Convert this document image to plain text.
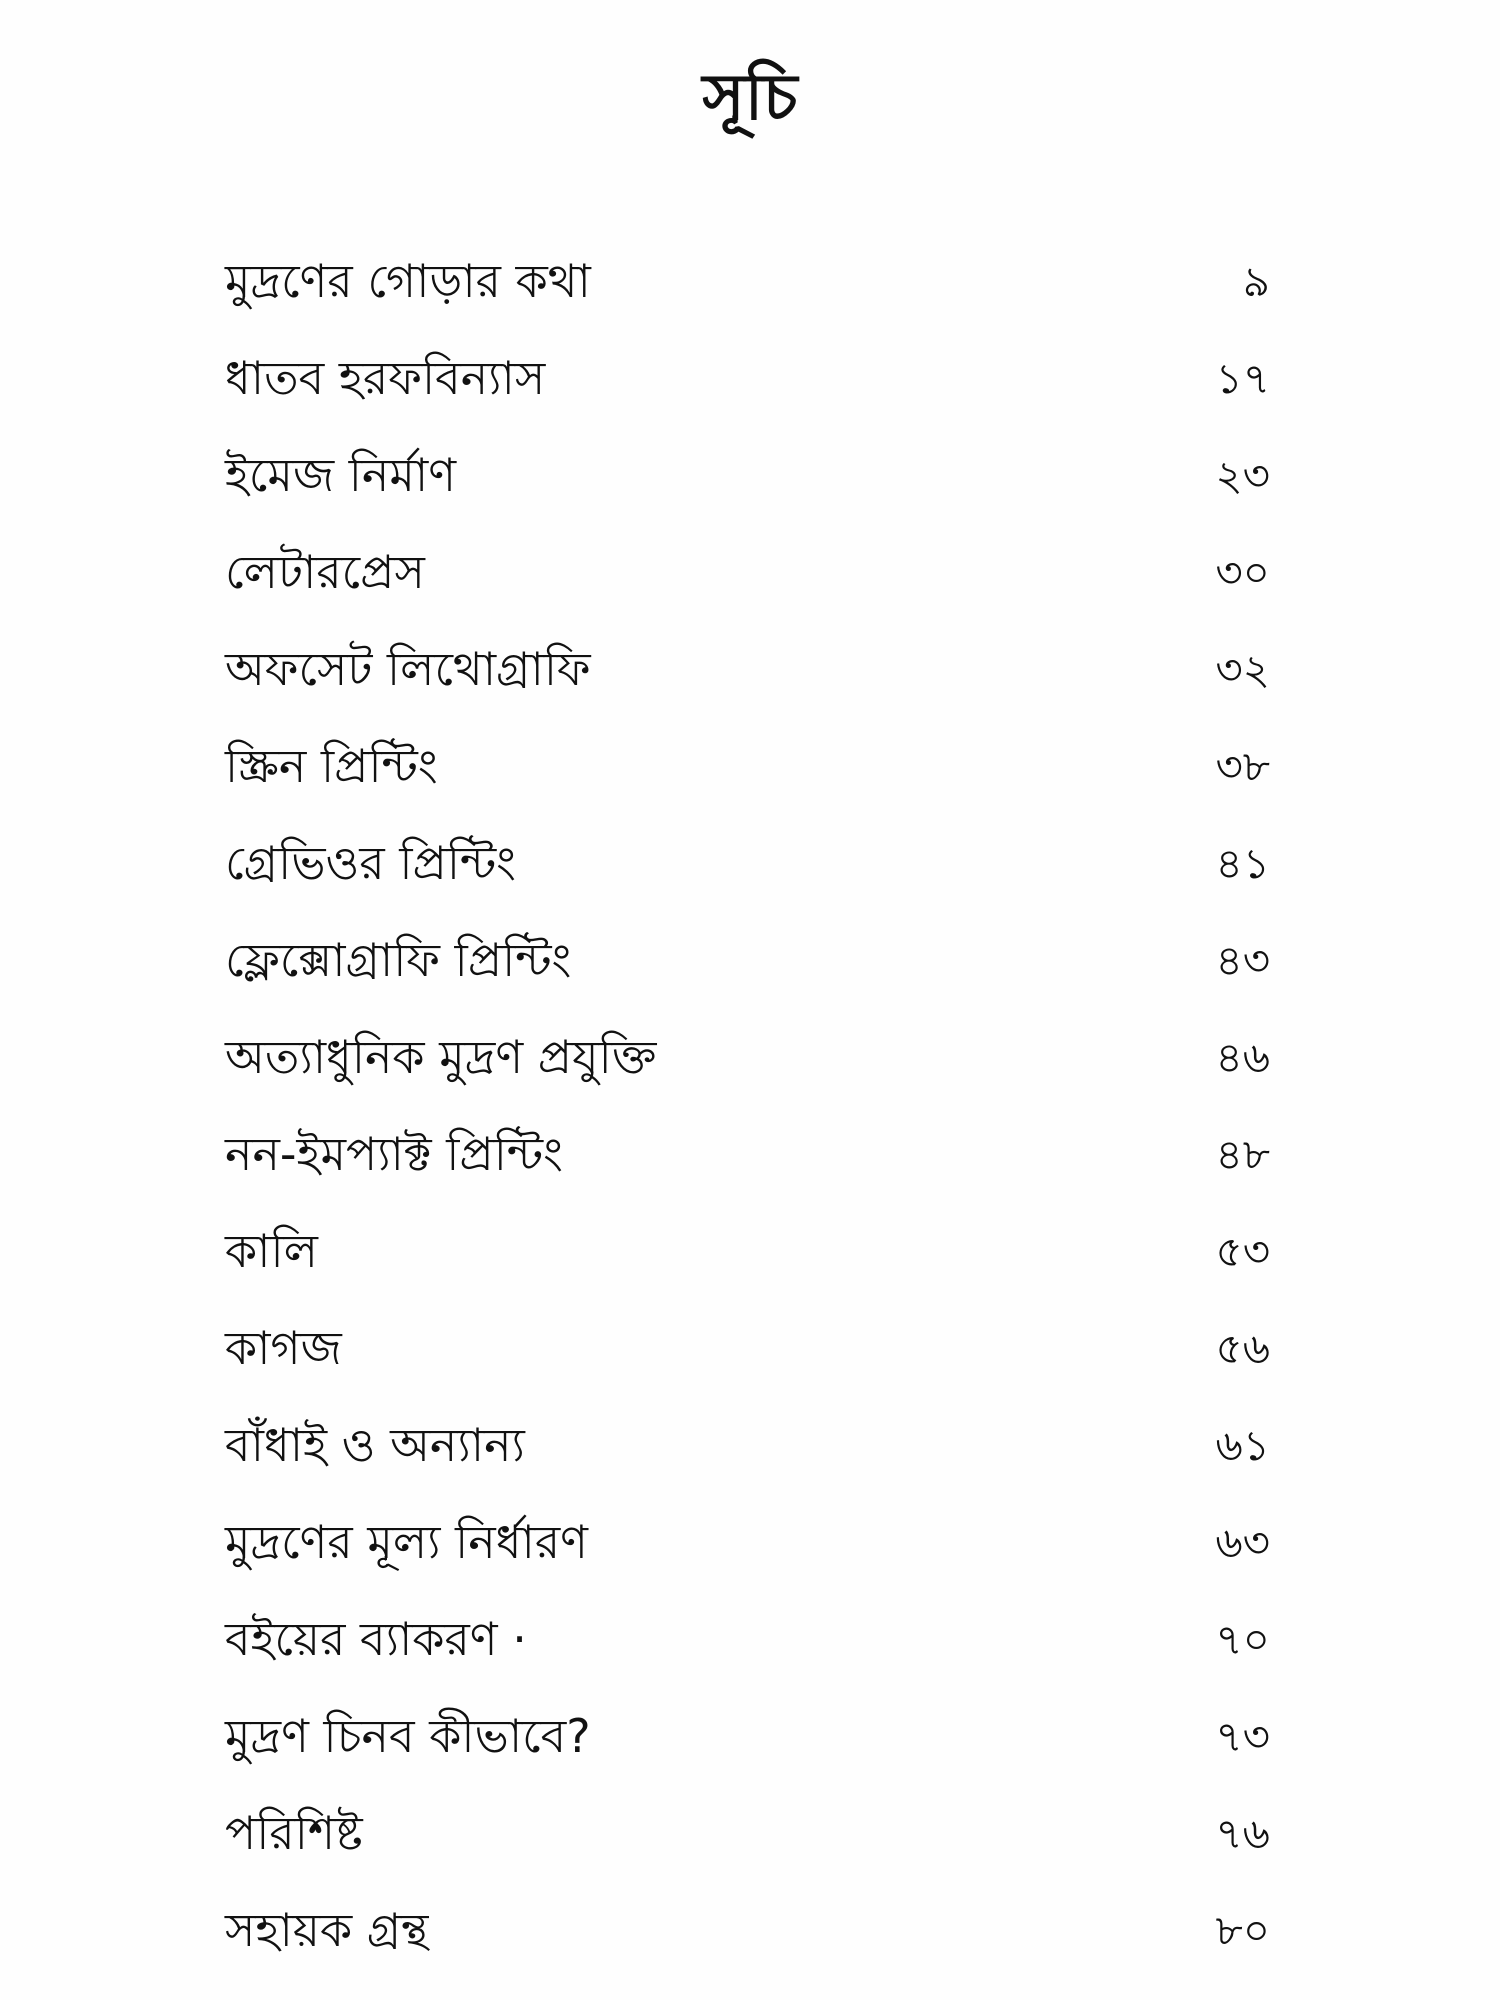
সূচি
মুদ্রণের গোড়ার কথা	৯
ধাতব হরফবিন্যাস	১৭
ইমেজ নির্মাণ	২৩
লেটারপ্রেস	৩০
অফসেট লিথোগ্রাফি	৩২
স্ক্রিন প্রিন্টিং	৩৮
গ্রেভিওর প্রিন্টিং	৪১
ফ্লেক্সোগ্রাফি প্রিন্টিং	৪৩
অত্যাধুনিক মুদ্রণ প্রযুক্তি	৪৬
নন-ইমপ্যাক্ট প্রিন্টিং	৪৮
কালি	৫৩
কাগজ	৫৬
বাঁধাই ও অন্যান্য	৬১
মুদ্রণের মূল্য নির্ধারণ	৬৩
বইয়ের ব্যাকরণ ·	৭০
মুদ্রণ চিনব কীভাবে?	৭৩
পরিশিষ্ট	৭৬
সহায়ক গ্রন্থ	৮০
